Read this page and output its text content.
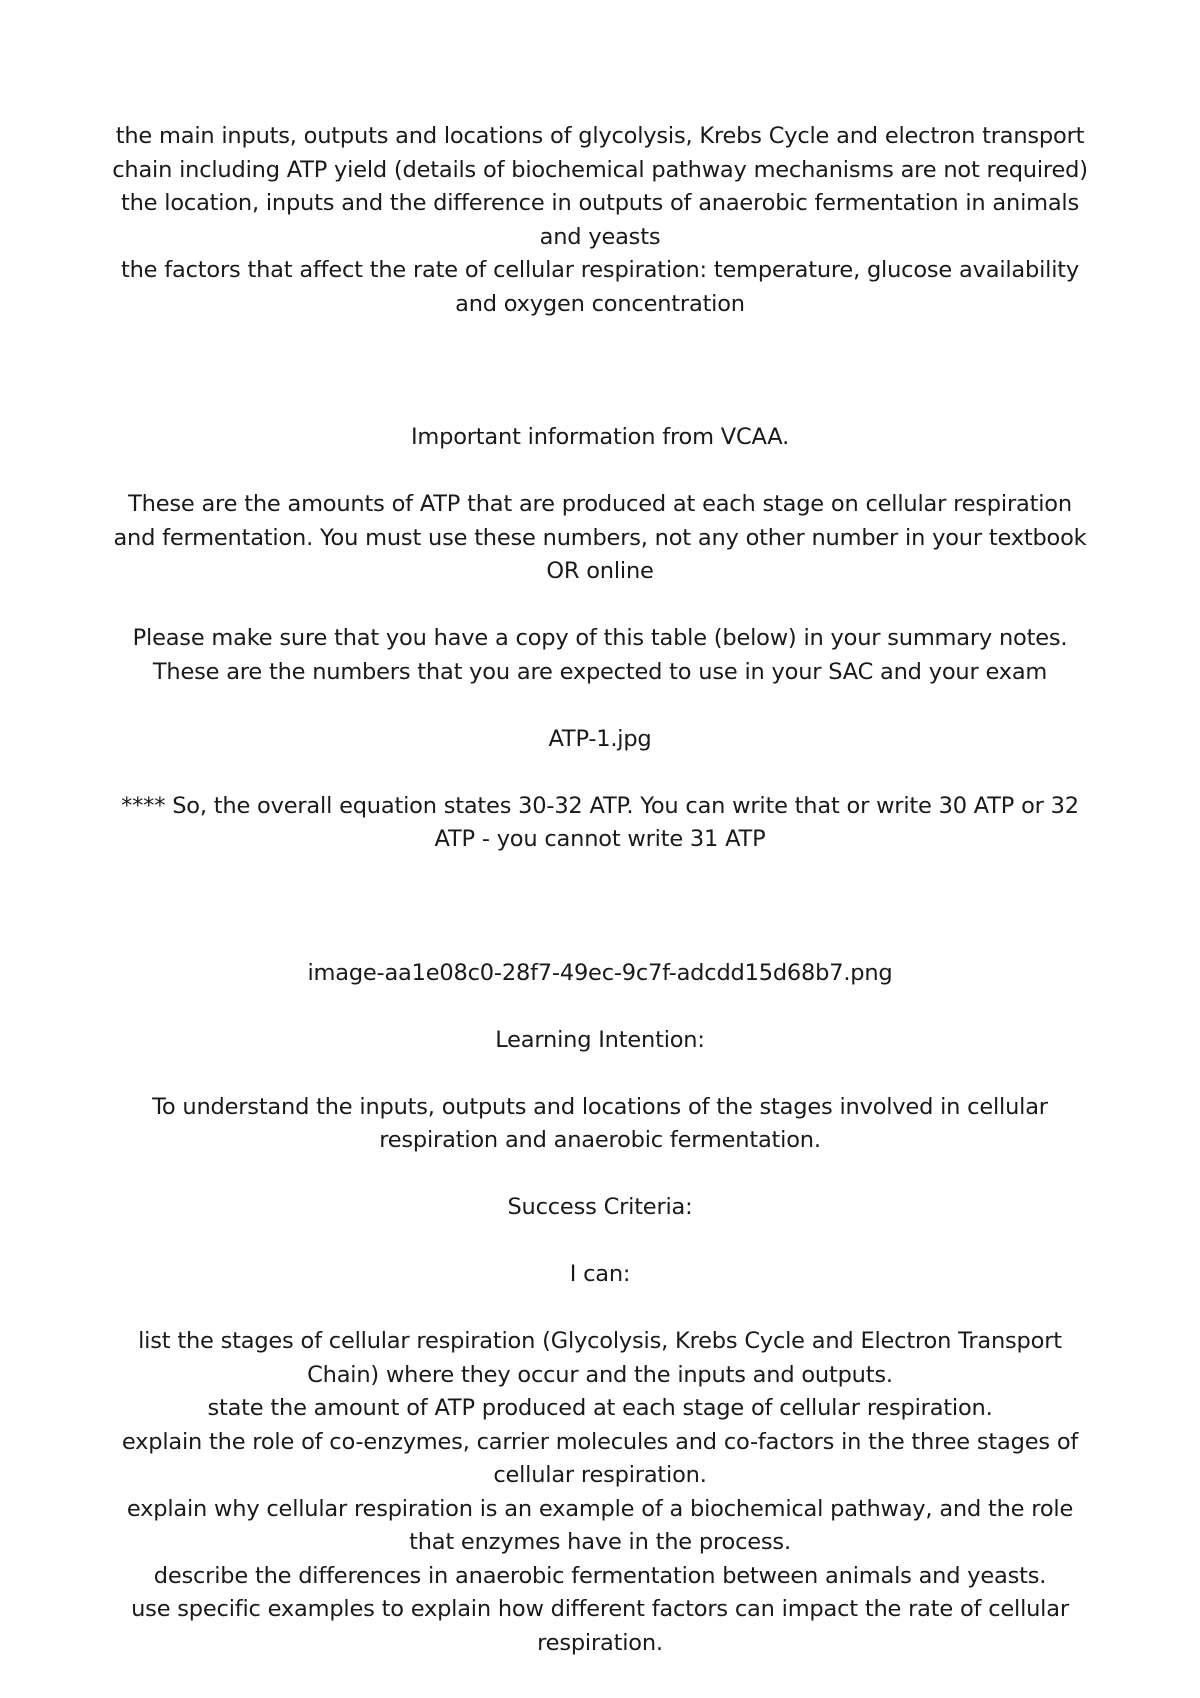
the main inputs, outputs and locations of glycolysis, Krebs Cycle and electron transport chain including ATP yield (details of biochemical pathway mechanisms are not required)

the location, inputs and the difference in outputs of anaerobic fermentation in animals and yeasts

the factors that affect the rate of cellular respiration: temperature, glucose availability and oxygen concentration

Important information from VCAA.

These are the amounts of ATP that are produced at each stage on cellular respiration and fermentation. You must use these numbers, not any other number in your textbook OR online

Please make sure that you have a copy of this table (below) in your summary notes. These are the numbers that you are expected to use in your SAC and your exam

ATP-1.jpg

**** So, the overall equation states 30-32 ATP. You can write that or write 30 ATP or 32 ATP - you cannot write 31 ATP

image-aa1e08c0-28f7-49ec-9c7f-adcdd15d68b7.png

Learning Intention:

To understand the inputs, outputs and locations of the stages involved in cellular respiration and anaerobic fermentation.

Success Criteria:

I can:

list the stages of cellular respiration (Glycolysis, Krebs Cycle and Electron Transport Chain) where they occur and the inputs and outputs.

state the amount of ATP produced at each stage of cellular respiration.

explain the role of co-enzymes, carrier molecules and co-factors in the three stages of cellular respiration.

explain why cellular respiration is an example of a biochemical pathway, and the role that enzymes have in the process.

describe the differences in anaerobic fermentation between animals and yeasts.

use specific examples to explain how different factors can impact the rate of cellular respiration.
